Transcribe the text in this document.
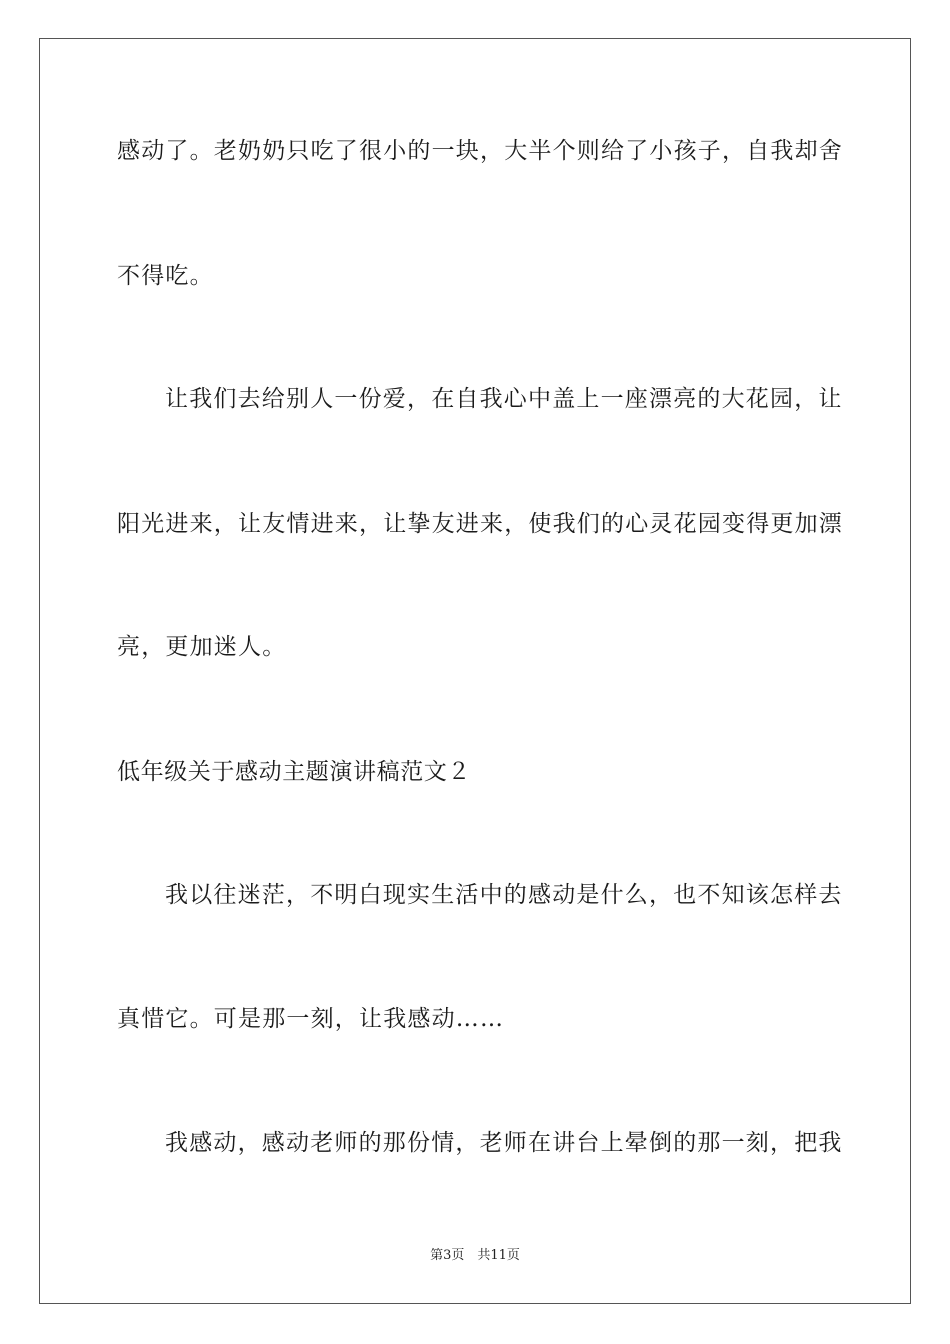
感动了。老奶奶只吃了很小的一块，大半个则给了小孩子，自我却舍
不得吃。
让我们去给别人一份爱，在自我心中盖上一座漂亮的大花园，让
阳光进来，让友情进来，让挚友进来，使我们的心灵花园变得更加漂
亮，更加迷人。
低年级关于感动主题演讲稿范文２
我以往迷茫，不明白现实生活中的感动是什么，也不知该怎样去
真惜它。可是那一刻，让我感动……
我感动，感动老师的那份情，老师在讲台上晕倒的那一刻，把我
第3页　共11页
